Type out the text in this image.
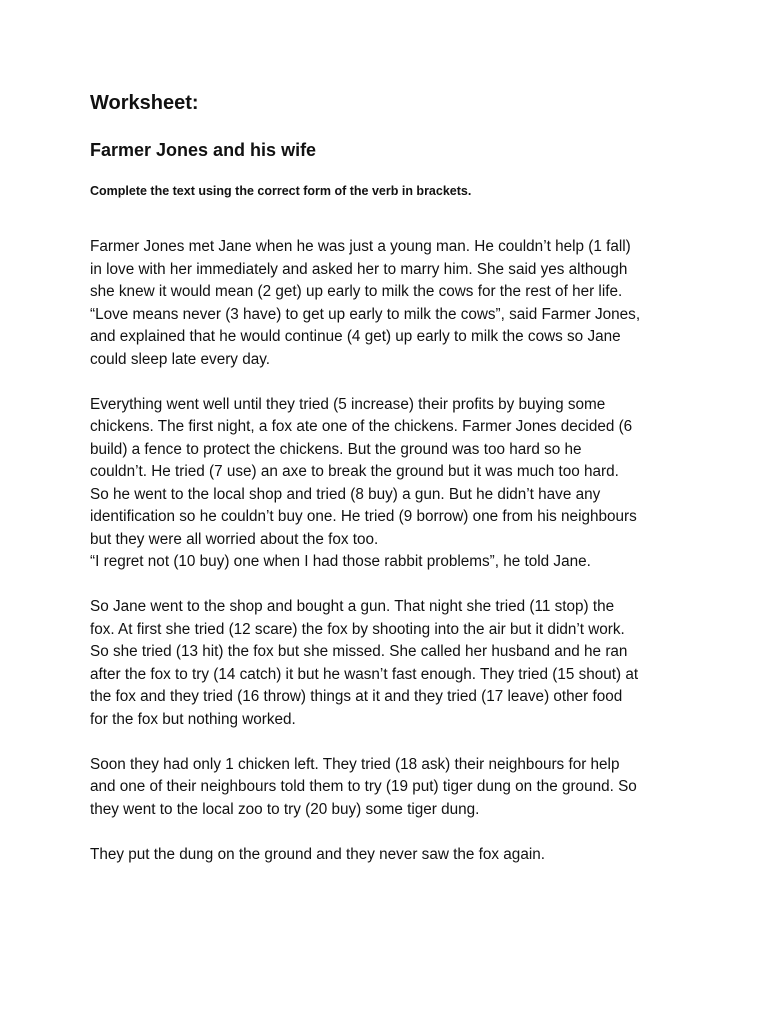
Worksheet:
Farmer Jones and his wife

Complete the text using the correct form of the verb in brackets.

Farmer Jones met Jane when he was just a young man. He couldn’t help (1 fall)
in love with her immediately and asked her to marry him. She said yes although
she knew it would mean (2 get) up early to milk the cows for the rest of her life.
“Love means never (3 have) to get up early to milk the cows”, said Farmer Jones,
and explained that he would continue (4 get) up early to milk the cows so Jane
could sleep late every day.

Everything went well until they tried (5 increase) their profits by buying some
chickens. The first night, a fox ate one of the chickens. Farmer Jones decided (6
build) a fence to protect the chickens. But the ground was too hard so he
couldn’t. He tried (7 use) an axe to break the ground but it was much too hard.
So he went to the local shop and tried (8 buy) a gun. But he didn’t have any
identification so he couldn’t buy one. He tried (9 borrow) one from his neighbours
but they were all worried about the fox too.
“I regret not (10 buy) one when I had those rabbit problems”, he told Jane.

So Jane went to the shop and bought a gun. That night she tried (11 stop) the
fox. At first she tried (12 scare) the fox by shooting into the air but it didn’t work.
So she tried (13 hit) the fox but she missed. She called her husband and he ran
after the fox to try (14 catch) it but he wasn’t fast enough. They tried (15 shout) at
the fox and they tried (16 throw) things at it and they tried (17 leave) other food
for the fox but nothing worked.

Soon they had only 1 chicken left. They tried (18 ask) their neighbours for help
and one of their neighbours told them to try (19 put) tiger dung on the ground. So
they went to the local zoo to try (20 buy) some tiger dung.

They put the dung on the ground and they never saw the fox again.
